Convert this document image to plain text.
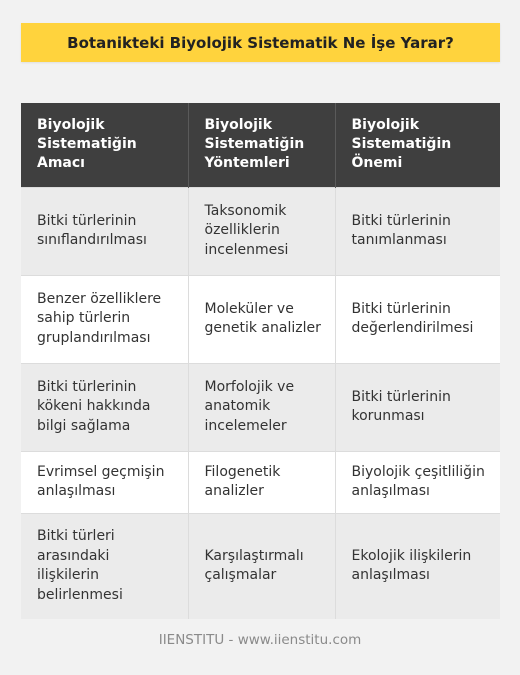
Botanikteki Biyolojik Sistematik Ne İşe Yarar?
Biyolojik Sistematiğin Amacı	Biyolojik Sistematiğin Yöntemleri	Biyolojik Sistematiğin Önemi
Bitki türlerinin sınıflandırılması	Taksonomik özelliklerin incelenmesi	Bitki türlerinin tanımlanması
Benzer özelliklere sahip türlerin gruplandırılması	Moleküler ve genetik analizler	Bitki türlerinin değerlendirilmesi
Bitki türlerinin kökeni hakkında bilgi sağlama	Morfolojik ve anatomik incelemeler	Bitki türlerinin korunması
Evrimsel geçmişin anlaşılması	Filogenetik analizler	Biyolojik çeşitliliğin anlaşılması
Bitki türleri arasındaki ilişkilerin belirlenmesi	Karşılaştırmalı çalışmalar	Ekolojik ilişkilerin anlaşılması
IIENSTITU - www.iienstitu.com
